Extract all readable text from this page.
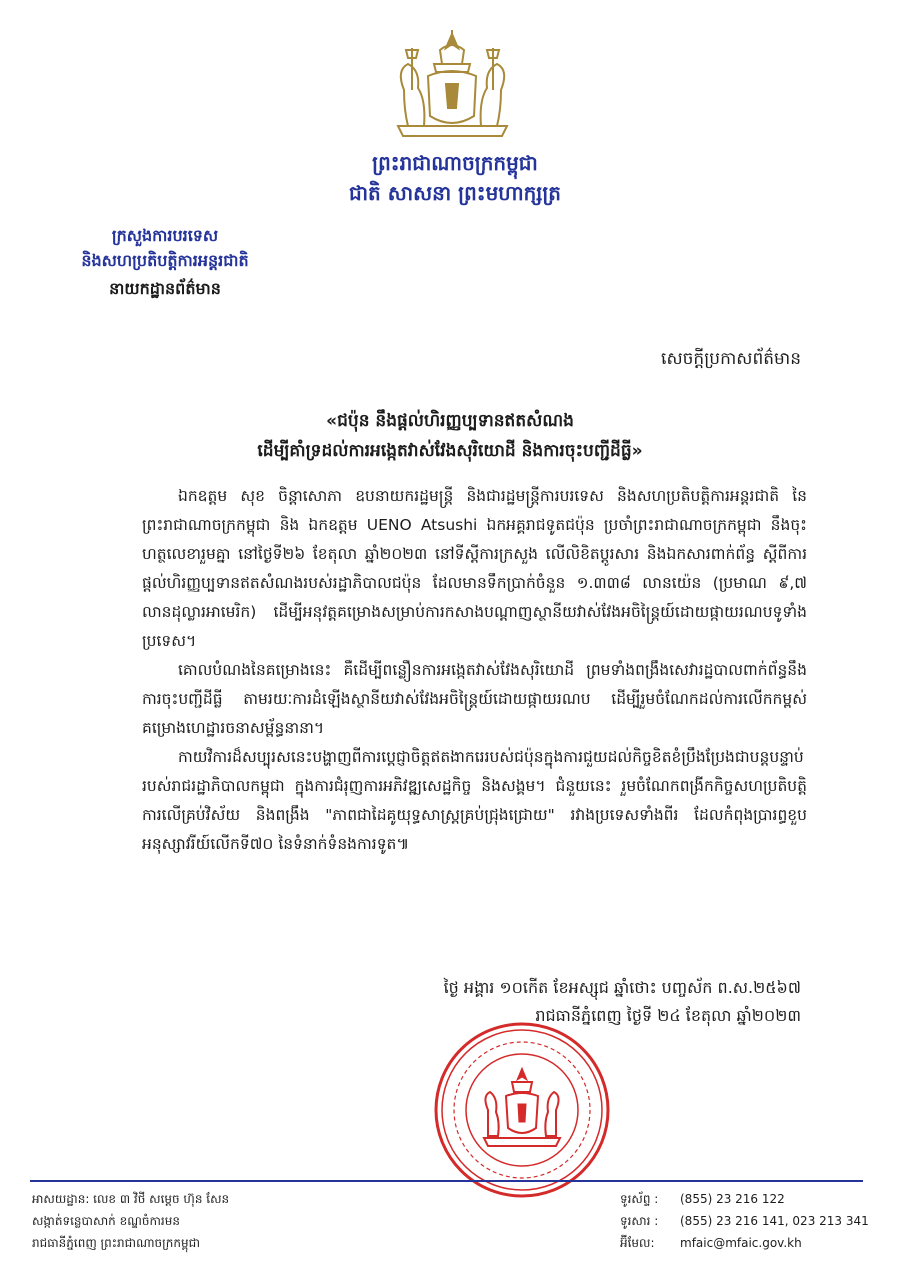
ព្រះរាជាណាចក្រកម្ពុជា
ជាតិ សាសនា ព្រះមហាក្សត្រ
ក្រសួងការបរទេស
និងសហប្រតិបត្តិការអន្តរជាតិ
នាយកដ្ឋានព័ត៌មាន
សេចក្តីប្រកាសព័ត៌មាន
«ជប៉ុន នឹងផ្តល់ហិរញ្ញប្បទានឥតសំណង
ដើម្បីគាំទ្រដល់ការអង្កេតវាស់វែងសុរិយោដី និងការចុះបញ្ជីដីធ្លី»

ឯកឧត្តម សុខ ចិន្តាសោភា ឧបនាយករដ្ឋមន្ត្រី និងជារដ្ឋមន្ត្រីការបរទេស និងសហប្រតិបត្តិការអន្តរជាតិ នៃព្រះរាជាណាចក្រកម្ពុជា និង ឯកឧត្តម UENO Atsushi ឯកអគ្គរាជទូតជប៉ុន ប្រចាំព្រះរាជាណាចក្រកម្ពុជា នឹងចុះហត្ថលេខារួមគ្នា នៅថ្ងៃទី២៦ ខែតុលា ឆ្នាំ២០២៣ នៅទីស្តីការក្រសួង លើលិខិតប្តូរសារ និងឯកសារពាក់ព័ន្ធ ស្តីពីការផ្តល់ហិរញ្ញប្បទានឥតសំណងរបស់រដ្ឋាភិបាលជប៉ុន ដែលមានទឹកប្រាក់ចំនួន ១.៣៣៨ លានយ៉េន (ប្រមាណ ៩,៧ លានដុល្លារអាមេរិក) ដើម្បីអនុវត្តគម្រោងសម្រាប់ការកសាងបណ្តាញស្ថានីយវាស់វែងអចិន្ត្រៃយ៍ដោយផ្កាយរណបទូទាំងប្រទេស។

គោលបំណងនៃគម្រោងនេះ គឺដើម្បីពន្លឿនការអង្កេតវាស់វែងសុរិយោដី ព្រមទាំងពង្រឹងសេវារដ្ឋបាលពាក់ព័ន្ធនឹងការចុះបញ្ជីដីធ្លី តាមរយៈការដំឡើងស្ថានីយវាស់វែងអចិន្ត្រៃយ៍ដោយផ្កាយរណប ដើម្បីរួមចំណែកដល់ការលើកកម្ពស់គម្រោងហេដ្ឋារចនាសម្ព័ន្ធនានា។

កាយវិការដ៏សប្បុរសនេះបង្ហាញពីការប្តេជ្ញាចិត្តឥតងាករេរបស់ជប៉ុនក្នុងការជួយដល់កិច្ចខិតខំប្រឹងប្រែងជាបន្តបន្ទាប់របស់រាជរដ្ឋាភិបាលកម្ពុជា ក្នុងការជំរុញការអភិវឌ្ឍសេដ្ឋកិច្ច និងសង្គម។ ជំនួយនេះ រួមចំណែកពង្រីកកិច្ចសហប្រតិបត្តិការលើគ្រប់វិស័យ និងពង្រឹង "ភាពជាដៃគូយុទ្ធសាស្ត្រគ្រប់ជ្រុងជ្រោយ" រវាងប្រទេសទាំងពីរ ដែលកំពុងប្រារព្ធខួបអនុស្សាវរីយ៍លើកទី៧០ នៃទំនាក់ទំនងការទូត៕

ថ្ងៃ អង្គារ ១០កើត ខែអស្សុជ ឆ្នាំថោះ បញ្ចស័ក ព.ស.២៥៦៧
រាជធានីភ្នំពេញ ថ្ងៃទី ២៤ ខែតុលា ឆ្នាំ២០២៣
អាសយដ្ឋាន: លេខ ៣ វិថី សម្តេច ហ៊ុន សែន
សង្កាត់ទន្លេបាសាក់ ខណ្ឌចំការមន
រាជធានីភ្នំពេញ ព្រះរាជាណាចក្រកម្ពុជា
ទូរស័ព្ទ :	(855) 23 216 122
ទូរសារ :	(855) 23 216 141, 023 213 341
អ៊ីមែល:	mfaic@mfaic.gov.kh
